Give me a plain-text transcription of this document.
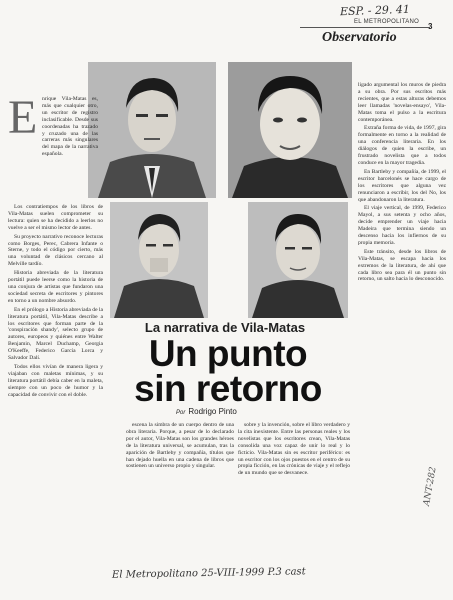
ESP. - 29. 41
EL METROPOLITANO 3
Observatorio
E nrique Vila-Matas es, más que cualquier otro, un escritor de registro inclasificable. Desde sus coordenadas ha trazado y cruzado una de las carreras más singulares del mapa de la narrativa española.

Los contratiempos de los libros de Vila-Matas suelen comprometer su lectura: quien se ha decidido a leerlos no vuelve a ser el mismo lector de antes.

Su proyecto narrativo reconoce lecturas como Borges, Perec, Cabrera Infante o Sterne, y todo el código por cierto, más una voluntad de clásicos cercano al Melville tardío.

Historia abreviada de la literatura portátil puede leerse como la historia de una conjura de artistas que fundaron una sociedad secreta de escritores y pintores en torno a un nombre absurdo.

En el prólogo a Historia abreviada de la literatura portátil, Vila-Matas describe a los escritores que forman parte de la 'conspiración shandy', selecto grupo de autores, europeos y quiénes entre Walter Benjamin, Marcel Duchamp, Georgia O'Keeffe, Federico García Lorca y Salvador Dalí.

Todos ellos vivían de manera ligera y viajaban con maletas mínimas, y su literatura portátil debía caber en la maleta, siempre con un poco de humor y la capacidad de convivir con el doble.

La narrativa de Vila-Matas
Un punto
sin retorno
Por Rodrigo Pinto

escena la simbra de un cuerpo dentro de una obra literaria. Porque, a pesar de lo declarado por el autor, Vila-Matas son los grandes héroes de la literatura universal, se acumulan, tras la aparición de Bartleby y compañía, títulos que han dejado huella en una cadena de libros que sostienen un universo propio y singular.

sobre y la invención, sobre el libro verdadero y la cita inexistente. Entre las personas reales y los novelistas que los escritores crean, Vila-Matas consolida una voz capaz de unir lo real y lo ficticio. Vila-Matas sin es escritor periférico: es un escritor con los ojos puestos en el centro de su propia ficción, en las crónicas de viaje y el reflejo de un mundo que se desvanece.

ligado argumental los muros de piedra a su obra. Por sus escritos más recientes, que a estas alturas debemos leer llamadas 'novelas-ensayo', Vila-Matas toma el pulso a la escritura contemporánea.

Extraña forma de vida, de 1997, gira formalmente en torno a la realidad de una conferencia literaria. En los diálogos de quien la escribe, un frustrado novelista que a todos conduce en la mayor tragedia.

En Bartleby y compañía, de 1999, el escritor barcelonés se hace cargo de los escritores que alguna vez renunciaron a escribir, los del No, los que abandonaron la literatura.

El viaje vertical, de 1999, Federico Mayol, a sus setenta y ocho años, decide emprender un viaje hacia Madeira que termina siendo un descenso hacia los infiernos de su propia memoria.

Este tránsito, desde los libros de Vila-Matas, se escapa hacia los extremos de la literatura, de ahí que cada libro sea para él un punto sin retorno, un salto hacia lo desconocido.

El Metropolitano 25-VIII-1999 P.3 cast
ANT-282
